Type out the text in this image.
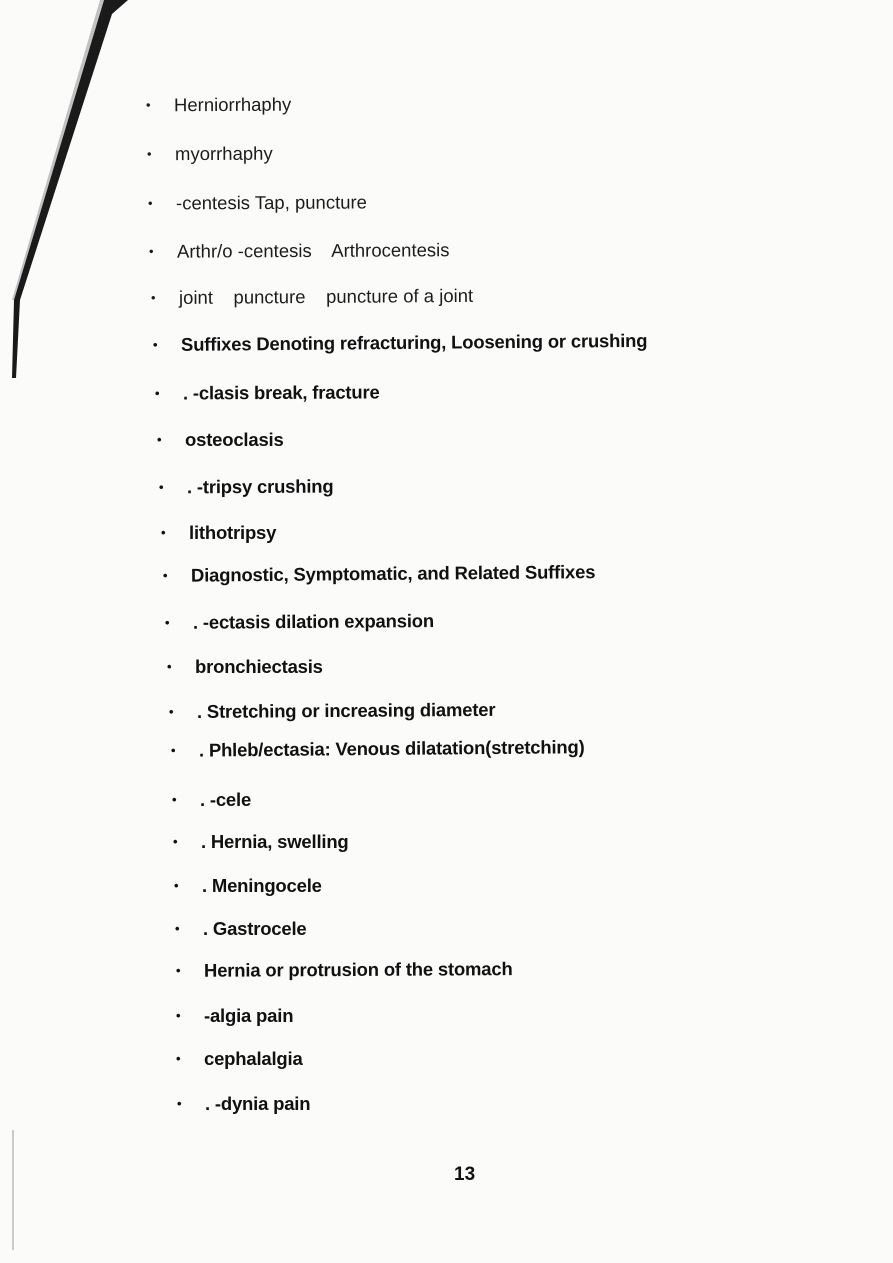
• Herniorrhaphy
• myorrhaphy
• -centesis Tap, puncture
• Arthr/o -centesis    Arthrocentesis
• joint    puncture    puncture of a joint
• Suffixes Denoting refracturing, Loosening or crushing
• . -clasis break, fracture
• osteoclasis
• . -tripsy crushing
• lithotripsy
• Diagnostic, Symptomatic, and Related Suffixes
• . -ectasis dilation expansion
• bronchiectasis
• . Stretching or increasing diameter
• . Phleb/ectasia: Venous dilatation(stretching)
• . -cele
• . Hernia, swelling
• . Meningocele
• . Gastrocele
• Hernia or protrusion of the stomach
• -algia pain
• cephalalgia
• . -dynia pain
13
